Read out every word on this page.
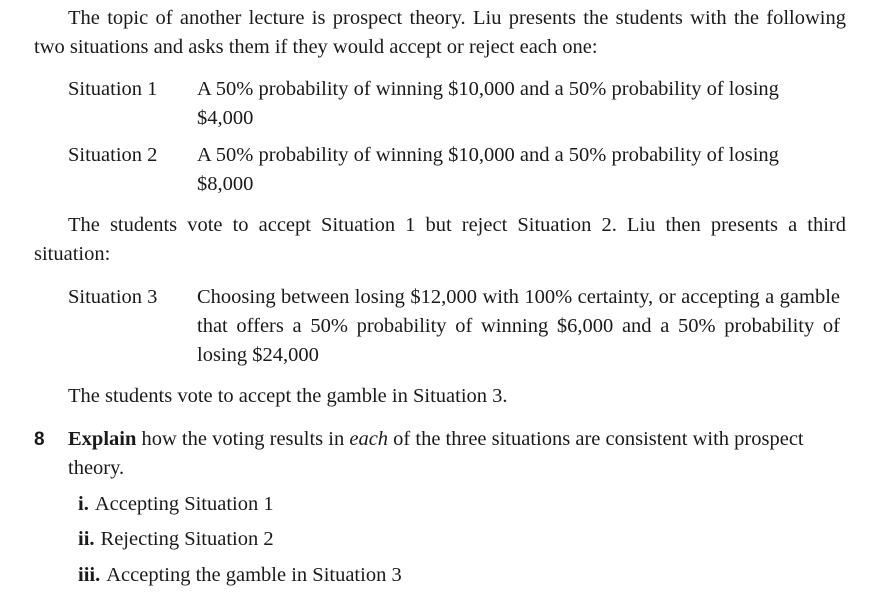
The topic of another lecture is prospect theory. Liu presents the students with the following two situations and asks them if they would accept or reject each one:

Situation 1	A 50% probability of winning $10,000 and a 50% probability of losing $4,000
Situation 2	A 50% probability of winning $10,000 and a 50% probability of losing $8,000

The students vote to accept Situation 1 but reject Situation 2. Liu then presents a third situation:

Situation 3	Choosing between losing $12,000 with 100% certainty, or accepting a gamble that offers a 50% probability of winning $6,000 and a 50% probability of losing $24,000

The students vote to accept the gamble in Situation 3.

8	Explain how the voting results in each of the three situations are consistent with prospect theory.

i. Accepting Situation 1

ii. Rejecting Situation 2

iii. Accepting the gamble in Situation 3
